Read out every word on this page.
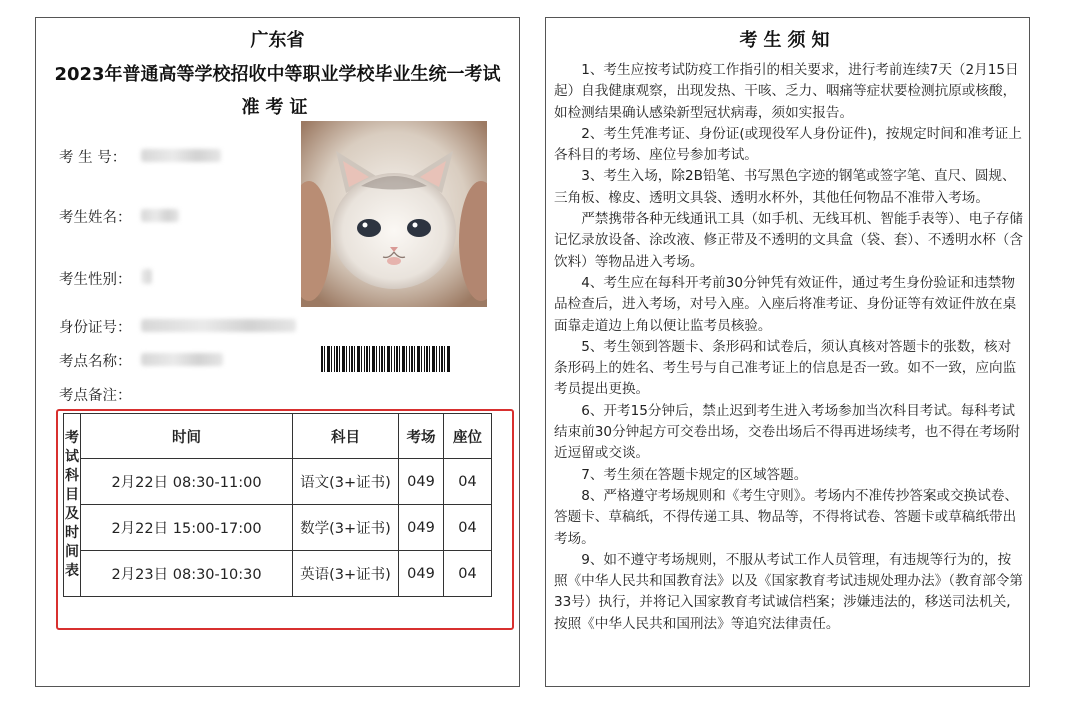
广东省
2023年普通高等学校招收中等职业学校毕业生统一考试
准考证
考 生 号：
考生姓名：
考生性别：
身份证号：
考点名称：
考点备注：
考试科目及时间表	时间	科目	考场	座位
	2月22日 08:30-11:00	语文(3+证书)	049	04
	2月22日 15:00-17:00	数学(3+证书)	049	04
	2月23日 08:30-10:30	英语(3+证书)	049	04
考生须知

1、考生应按考试防疫工作指引的相关要求，进行考前连续7天（2月15日起）自我健康观察，出现发热、干咳、乏力、咽痛等症状要检测抗原或核酸，如检测结果确认感染新型冠状病毒，须如实报告。

2、考生凭准考证、身份证(或现役军人身份证件)，按规定时间和准考证上各科目的考场、座位号参加考试。

3、考生入场，除2B铅笔、书写黑色字迹的钢笔或签字笔、直尺、圆规、三角板、橡皮、透明文具袋、透明水杯外，其他任何物品不准带入考场。

严禁携带各种无线通讯工具（如手机、无线耳机、智能手表等）、电子存储记忆录放设备、涂改液、修正带及不透明的文具盒（袋、套）、不透明水杯（含饮料）等物品进入考场。

4、考生应在每科开考前30分钟凭有效证件，通过考生身份验证和违禁物品检查后，进入考场，对号入座。入座后将准考证、身份证等有效证件放在桌面靠走道边上角以便让监考员核验。

5、考生领到答题卡、条形码和试卷后，须认真核对答题卡的张数，核对条形码上的姓名、考生号与自己准考证上的信息是否一致。如不一致，应向监考员提出更换。

6、开考15分钟后，禁止迟到考生进入考场参加当次科目考试。每科考试结束前30分钟起方可交卷出场，交卷出场后不得再进场续考，也不得在考场附近逗留或交谈。

7、考生须在答题卡规定的区域答题。

8、严格遵守考场规则和《考生守则》。考场内不准传抄答案或交换试卷、答题卡、草稿纸，不得传递工具、物品等，不得将试卷、答题卡或草稿纸带出考场。

9、如不遵守考场规则，不服从考试工作人员管理，有违规等行为的，按照《中华人民共和国教育法》以及《国家教育考试违规处理办法》（教育部令第33号）执行，并将记入国家教育考试诚信档案；涉嫌违法的，移送司法机关,按照《中华人民共和国刑法》等追究法律责任。
